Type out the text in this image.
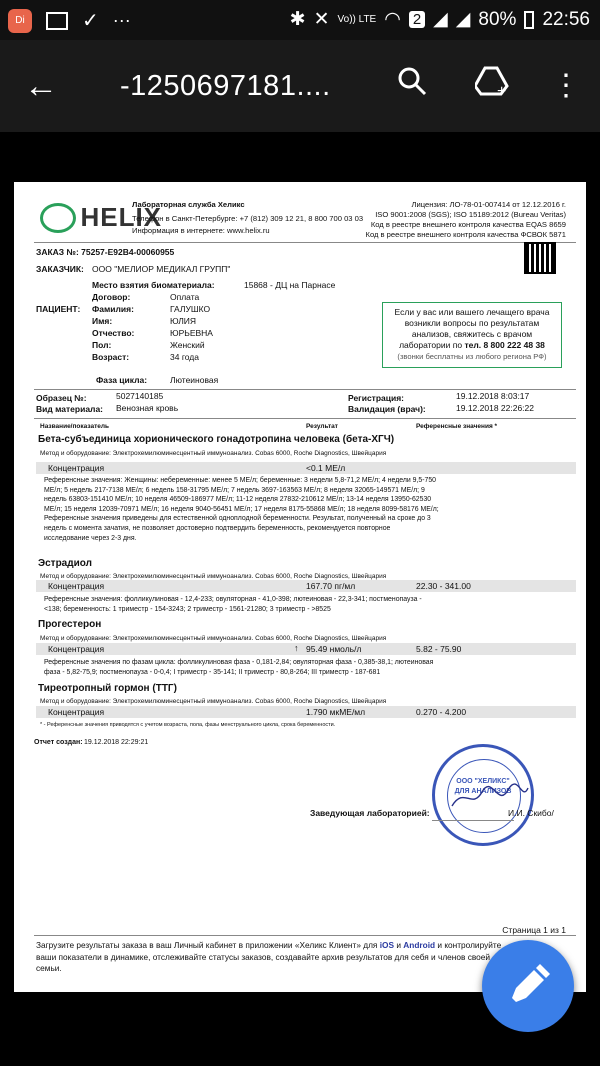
Di	✓ ···	✱ ✕ Vo)) LTE ◠ 2 ◢ ◢ 80% 22:56
← -1250697181....	+ ⋮
HELIX
Лабораторная служба Хеликс
Телефон в Санкт-Петербурге: +7 (812) 309 12 21, 8 800 700 03 03
Информация в интернете: www.helix.ru
Лицензия: ЛО-78-01-007414 от 12.12.2016 г.
ISO 9001:2008 (SGS); ISO 15189:2012 (Bureau Veritas)
Код в реестре внешнего контроля качества EQAS 8659
Код в реестре внешнего контроля качества ФСВОК 5871
ЗАКАЗ №: 75257-E92B4-00060955
ЗАКАЗЧИК: ООО "МЕЛИОР МЕДИКАЛ ГРУПП"
Место взятия биоматериала:	15868 - ДЦ на Парнасе
Договор:	Оплата
ПАЦИЕНТ: Фамилия:	ГАЛУШКО
Имя:	ЮЛИЯ
Отчество:	ЮРЬЕВНА
Пол:	Женский
Возраст:	34 года
Фаза цикла:	Лютеиновая
Если у вас или вашего лечащего врача
возникли вопросы по результатам
анализов, свяжитесь с врачом
лаборатории по тел. 8 800 222 48 38
(звонки бесплатны из любого региона РФ)
Образец №:	5027140185
Вид материала: Венозная кровь
Регистрация:	19.12.2018 8:03:17
Валидация (врач):	19.12.2018 22:26:22
Название/показатель	Результат	Референсные значения *
Бета-субъединица хорионического гонадотропина человека (бета-ХГЧ)
Метод и оборудование: Электрохемилюминесцентный иммуноанализ. Cobas 6000, Roche Diagnostics, Швейцария
Концентрация	<0.1 МЕ/л
Референсные значения: Женщины: небеременные: менее 5 МЕ/л; беременные: 3 недели 5,8-71,2 МЕ/л; 4 недели 9,5-750
МЕ/л; 5 недель 217-7138 МЕ/л; 6 недель 158-31795 МЕ/л; 7 недель 3697-163563 МЕ/л; 8 неделя 32065-149571 МЕ/л; 9
недель 63803-151410 МЕ/л; 10 неделя 46509-186977 МЕ/л; 11-12 неделя 27832-210612 МЕ/л; 13-14 неделя 13950-62530
МЕ/л; 15 неделя 12039-70971 МЕ/л; 16 неделя 9040-56451 МЕ/л; 17 неделя 8175-55868 МЕ/л; 18 неделя 8099-58176 МЕ/л;
Референсные значения приведены для естественной одноплодной беременности. Результат, полученный на сроке до 3
недель с момента зачатия, не позволяет достоверно подтвердить беременность, рекомендуется повторное
исследование через 2-3 дня.
Эстрадиол
Метод и оборудование: Электрохемилюминесцентный иммуноанализ. Cobas 6000, Roche Diagnostics, Швейцария
Концентрация	167.70 пг/мл	22.30 - 341.00
Референсные значения: фолликулиновая - 12,4-233; овуляторная - 41,0-398; лютеиновая - 22,3-341; постменопауза -
<138; беременность: 1 триместр - 154-3243; 2 триместр - 1561-21280; 3 триместр - >8525
Прогестерон
Метод и оборудование: Электрохемилюминесцентный иммуноанализ. Cobas 6000, Roche Diagnostics, Швейцария
Концентрация	↑ 95.49 нмоль/л	5.82 - 75.90
Референсные значения по фазам цикла: фолликулиновая фаза - 0,181-2,84; овуляторная фаза - 0,385-38,1; лютеиновая
фаза - 5,82-75,9; постменопауза - 0-0,4; I триместр - 35-141; II триместр - 80,8-264; III триместр - 187-681
Тиреотропный гормон (ТТГ)
Метод и оборудование: Электрохемилюминесцентный иммуноанализ. Cobas 6000, Roche Diagnostics, Швейцария
Концентрация	1.790 мкМЕ/мл	0.270 - 4.200
* - Референсные значения приводятся с учетом возраста, пола, фазы менструального цикла, срока беременности.
Отчет создан: 19.12.2018 22:29:21
ООО "ХЕЛИКС" ДЛЯ АНАЛИЗОВ
Заведующая лабораторией:	И.И. Скибо/
Страница 1 из 1
Загрузите результаты заказа в ваш Личный кабинет в приложении «Хеликс Клиент» для iOS и Android и контролируйте
ваши показатели в динамике, отслеживайте статусы заказов, создавайте архив результатов для себя и членов своей
семьи.
